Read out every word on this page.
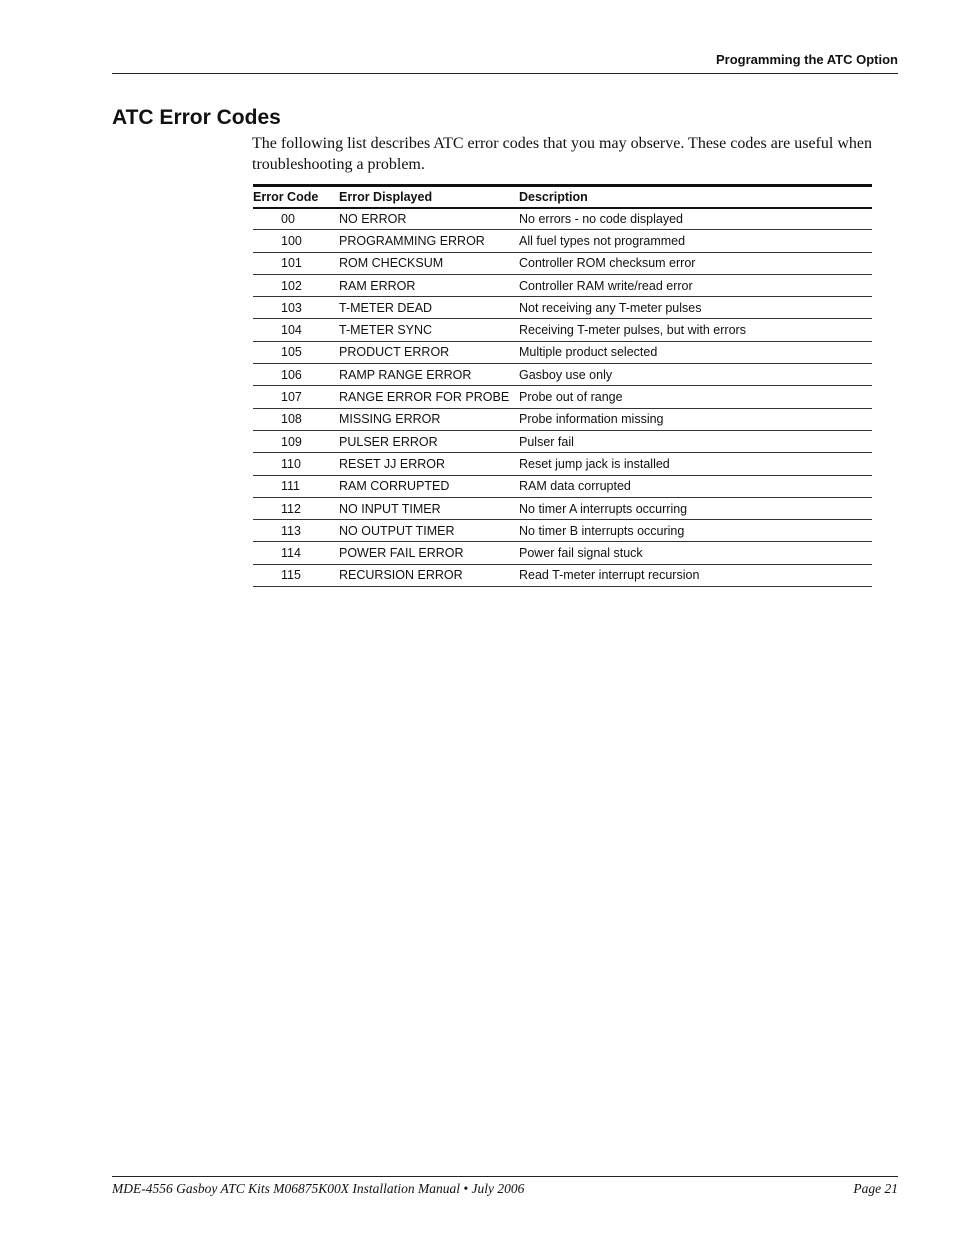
Programming the ATC Option
ATC Error Codes

The following list describes ATC error codes that you may observe. These codes are useful when troubleshooting a problem.

Error Code	Error Displayed	Description
00	NO ERROR	No errors - no code displayed
100	PROGRAMMING ERROR	All fuel types not programmed
101	ROM CHECKSUM	Controller ROM checksum error
102	RAM ERROR	Controller RAM write/read error
103	T-METER DEAD	Not receiving any T-meter pulses
104	T-METER SYNC	Receiving T-meter pulses, but with errors
105	PRODUCT ERROR	Multiple product selected
106	RAMP RANGE ERROR	Gasboy use only
107	RANGE ERROR FOR PROBE	Probe out of range
108	MISSING ERROR	Probe information missing
109	PULSER ERROR	Pulser fail
110	RESET JJ ERROR	Reset jump jack is installed
111	RAM CORRUPTED	RAM data corrupted
112	NO INPUT TIMER	No timer A interrupts occurring
113	NO OUTPUT TIMER	No timer B interrupts occuring
114	POWER FAIL ERROR	Power fail signal stuck
115	RECURSION ERROR	Read T-meter interrupt recursion
MDE-4556 Gasboy ATC Kits M06875K00X Installation Manual • July 2006	Page 21
